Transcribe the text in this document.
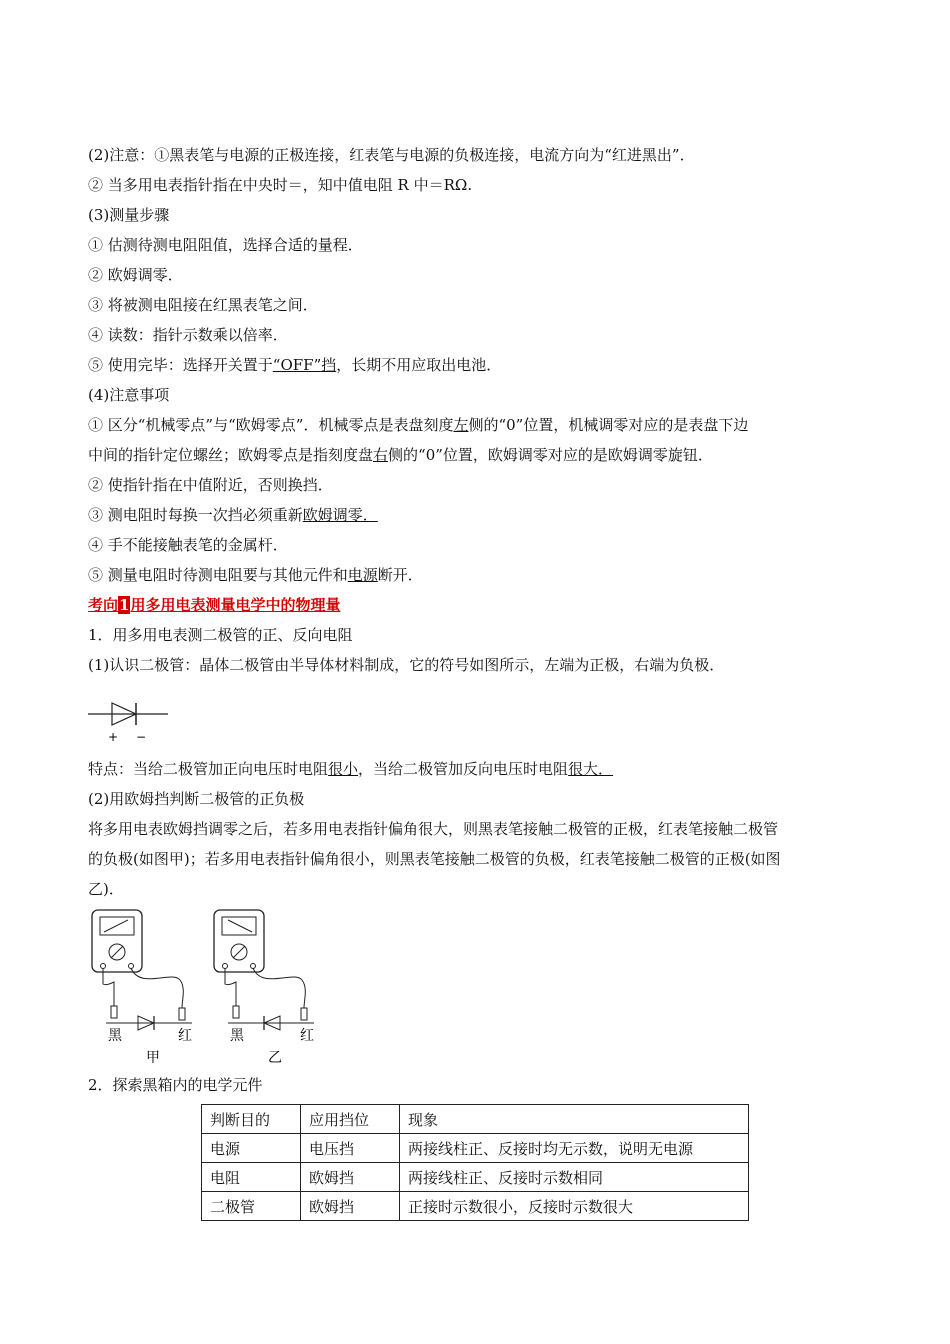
(2)注意：①黑表笔与电源的正极连接，红表笔与电源的负极连接，电流方向为“红进黑出”．
② 当多用电表指针指在中央时＝，知中值电阻 R 中＝RΩ.
(3)测量步骤
① 估测待测电阻阻值，选择合适的量程．
② 欧姆调零．
③ 将被测电阻接在红黑表笔之间．
④ 读数：指针示数乘以倍率．
⑤ 使用完毕：选择开关置于“OFF”挡，长期不用应取出电池．
(4)注意事项
① 区分“机械零点”与“欧姆零点”．机械零点是表盘刻度左侧的“0”位置，机械调零对应的是表盘下边
中间的指针定位螺丝；欧姆零点是指刻度盘右侧的“0”位置，欧姆调零对应的是欧姆调零旋钮．
② 使指针指在中值附近，否则换挡．
③ 测电阻时每换一次挡必须重新欧姆调零．
④ 手不能接触表笔的金属杆．
⑤ 测量电阻时待测电阻要与其他元件和电源断开．
考向1用多用电表测量电学中的物理量
1．用多用电表测二极管的正、反向电阻
(1)认识二极管：晶体二极管由半导体材料制成，它的符号如图所示，左端为正极，右端为负极．
+ −
特点：当给二极管加正向电压时电阻很小，当给二极管加反向电压时电阻很大．
(2)用欧姆挡判断二极管的正负极
将多用电表欧姆挡调零之后，若多用电表指针偏角很大，则黑表笔接触二极管的正极，红表笔接触二极管
的负极(如图甲)；若多用电表指针偏角很小，则黑表笔接触二极管的负极，红表笔接触二极管的正极(如图
乙)．
黑	红
甲
黑	红
乙
2．探索黑箱内的电学元件
判断目的	应用挡位	现象
电源	电压挡	两接线柱正、反接时均无示数，说明无电源
电阻	欧姆挡	两接线柱正、反接时示数相同
二极管	欧姆挡	正接时示数很小，反接时示数很大
